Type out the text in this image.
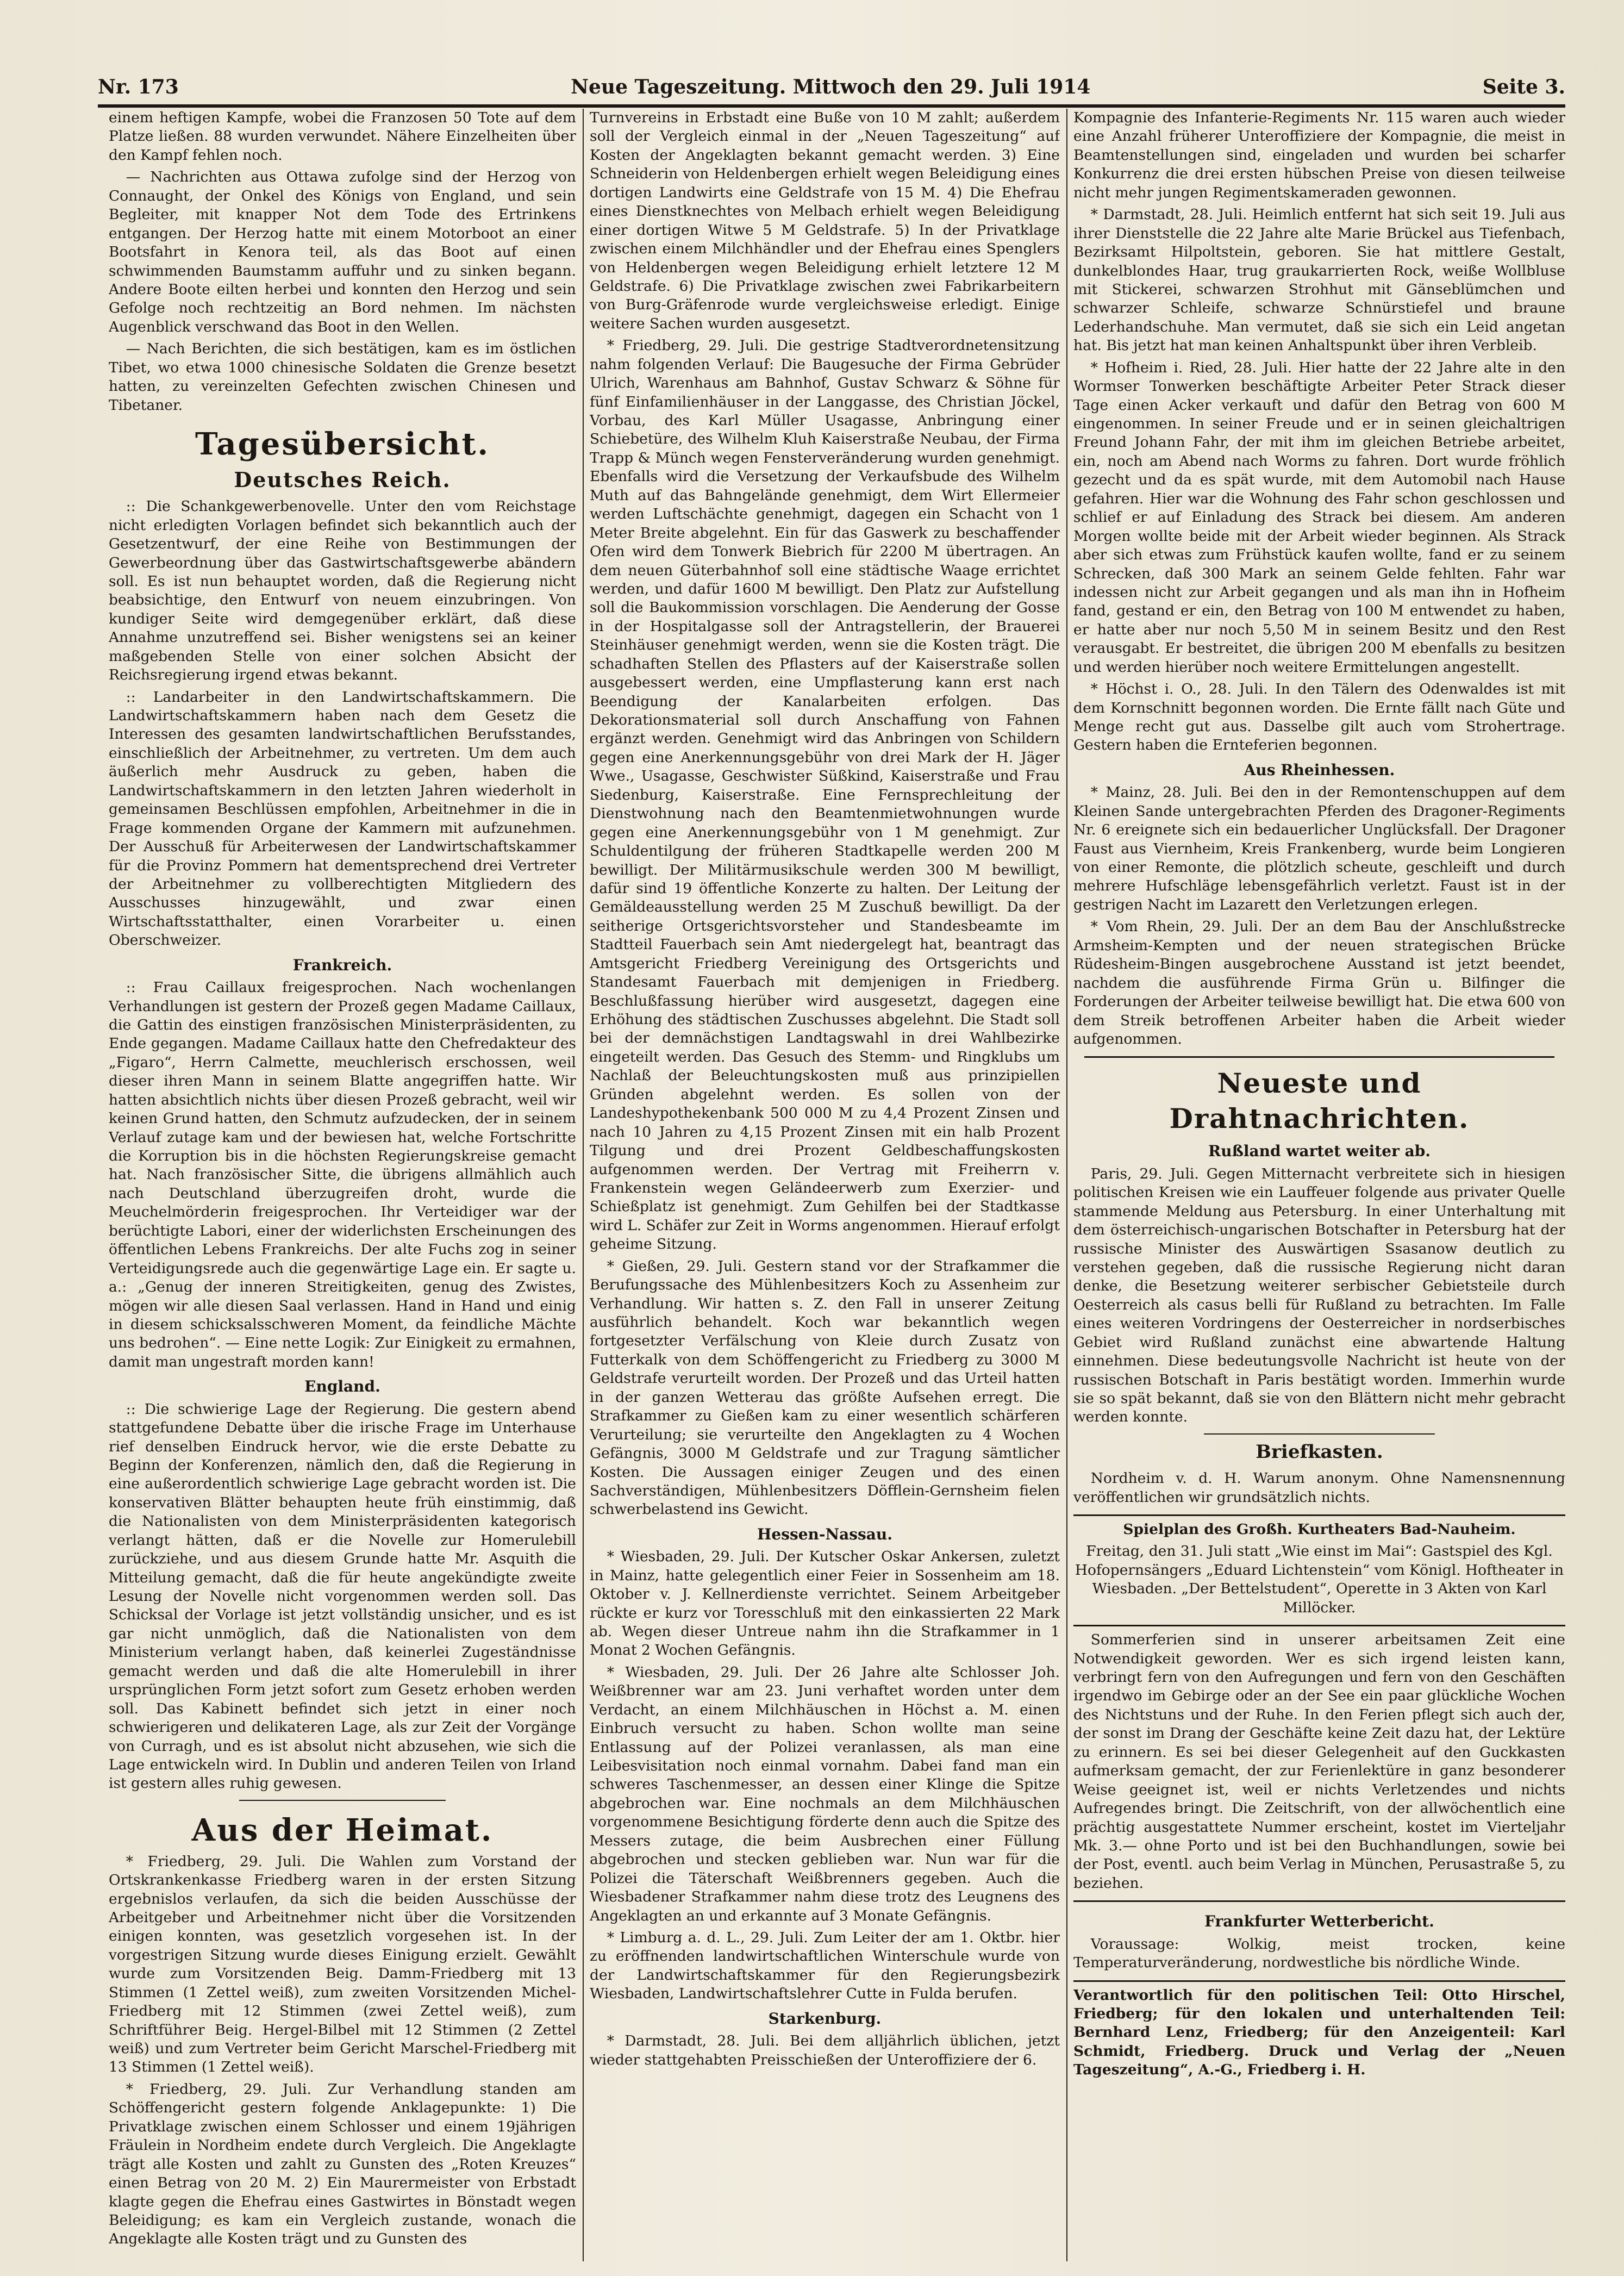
Nr. 173	Neue Tageszeitung. Mittwoch den 29. Juli 1914	Seite 3.

einem heftigen Kampfe, wobei die Franzosen 50 Tote auf dem Platze ließen. 88 wurden verwundet. Nähere Einzelheiten über den Kampf fehlen noch.

— Nachrichten aus Ottawa zufolge sind der Herzog von Connaught, der Onkel des Königs von England, und sein Begleiter, mit knapper Not dem Tode des Ertrinkens entgangen. Der Herzog hatte mit einem Motorboot an einer Bootsfahrt in Kenora teil, als das Boot auf einen schwimmenden Baumstamm auffuhr und zu sinken begann. Andere Boote eilten herbei und konnten den Herzog und sein Gefolge noch rechtzeitig an Bord nehmen. Im nächsten Augenblick verschwand das Boot in den Wellen.

— Nach Berichten, die sich bestätigen, kam es im östlichen Tibet, wo etwa 1000 chinesische Soldaten die Grenze besetzt hatten, zu vereinzelten Gefechten zwischen Chinesen und Tibetaner.

Tagesübersicht.
Deutsches Reich.

:: Die Schankgewerbenovelle. Unter den vom Reichstage nicht erledigten Vorlagen befindet sich bekanntlich auch der Gesetzentwurf, der eine Reihe von Bestimmungen der Gewerbeordnung über das Gastwirtschaftsgewerbe abändern soll. Es ist nun behauptet worden, daß die Regierung nicht beabsichtige, den Entwurf von neuem einzubringen. Von kundiger Seite wird demgegenüber erklärt, daß diese Annahme unzutreffend sei. Bisher wenigstens sei an keiner maßgebenden Stelle von einer solchen Absicht der Reichsregierung irgend etwas bekannt.

:: Landarbeiter in den Landwirtschaftskammern. Die Landwirtschaftskammern haben nach dem Gesetz die Interessen des gesamten landwirtschaftlichen Berufsstandes, einschließlich der Arbeitnehmer, zu vertreten. Um dem auch äußerlich mehr Ausdruck zu geben, haben die Landwirtschaftskammern in den letzten Jahren wiederholt in gemeinsamen Beschlüssen empfohlen, Arbeitnehmer in die in Frage kommenden Organe der Kammern mit aufzunehmen. Der Ausschuß für Arbeiterwesen der Landwirtschaftskammer für die Provinz Pommern hat dementsprechend drei Vertreter der Arbeitnehmer zu vollberechtigten Mitgliedern des Ausschusses hinzugewählt, und zwar einen Wirtschaftsstatthalter, einen Vorarbeiter u. einen Oberschweizer.

Frankreich.

:: Frau Caillaux freigesprochen. Nach wochenlangen Verhandlungen ist gestern der Prozeß gegen Madame Caillaux, die Gattin des einstigen französischen Ministerpräsidenten, zu Ende gegangen. Madame Caillaux hatte den Chefredakteur des „Figaro“, Herrn Calmette, meuchlerisch erschossen, weil dieser ihren Mann in seinem Blatte angegriffen hatte. Wir hatten absichtlich nichts über diesen Prozeß gebracht, weil wir keinen Grund hatten, den Schmutz aufzudecken, der in seinem Verlauf zutage kam und der bewiesen hat, welche Fortschritte die Korruption bis in die höchsten Regierungskreise gemacht hat. Nach französischer Sitte, die übrigens allmählich auch nach Deutschland überzugreifen droht, wurde die Meuchelmörderin freigesprochen. Ihr Verteidiger war der berüchtigte Labori, einer der widerlichsten Erscheinungen des öffentlichen Lebens Frankreichs. Der alte Fuchs zog in seiner Verteidigungsrede auch die gegenwärtige Lage ein. Er sagte u. a.: „Genug der inneren Streitigkeiten, genug des Zwistes, mögen wir alle diesen Saal verlassen. Hand in Hand und einig in diesem schicksalsschweren Moment, da feindliche Mächte uns bedrohen“. — Eine nette Logik: Zur Einigkeit zu ermahnen, damit man ungestraft morden kann!

England.

:: Die schwierige Lage der Regierung. Die gestern abend stattgefundene Debatte über die irische Frage im Unterhause rief denselben Eindruck hervor, wie die erste Debatte zu Beginn der Konferenzen, nämlich den, daß die Regierung in eine außerordentlich schwierige Lage gebracht worden ist. Die konservativen Blätter behaupten heute früh einstimmig, daß die Nationalisten von dem Ministerpräsidenten kategorisch verlangt hätten, daß er die Novelle zur Homerulebill zurückziehe, und aus diesem Grunde hatte Mr. Asquith die Mitteilung gemacht, daß die für heute angekündigte zweite Lesung der Novelle nicht vorgenommen werden soll. Das Schicksal der Vorlage ist jetzt vollständig unsicher, und es ist gar nicht unmöglich, daß die Nationalisten von dem Ministerium verlangt haben, daß keinerlei Zugeständnisse gemacht werden und daß die alte Homerulebill in ihrer ursprünglichen Form jetzt sofort zum Gesetz erhoben werden soll. Das Kabinett befindet sich jetzt in einer noch schwierigeren und delikateren Lage, als zur Zeit der Vorgänge von Curragh, und es ist absolut nicht abzusehen, wie sich die Lage entwickeln wird. In Dublin und anderen Teilen von Irland ist gestern alles ruhig gewesen.

Aus der Heimat.

* Friedberg, 29. Juli. Die Wahlen zum Vorstand der Ortskrankenkasse Friedberg waren in der ersten Sitzung ergebnislos verlaufen, da sich die beiden Ausschüsse der Arbeitgeber und Arbeitnehmer nicht über die Vorsitzenden einigen konnten, was gesetzlich vorgesehen ist. In der vorgestrigen Sitzung wurde dieses Einigung erzielt. Gewählt wurde zum Vorsitzenden Beig. Damm-Friedberg mit 13 Stimmen (1 Zettel weiß), zum zweiten Vorsitzenden Michel-Friedberg mit 12 Stimmen (zwei Zettel weiß), zum Schriftführer Beig. Hergel-Bilbel mit 12 Stimmen (2 Zettel weiß) und zum Vertreter beim Gericht Marschel-Friedberg mit 13 Stimmen (1 Zettel weiß).

* Friedberg, 29. Juli. Zur Verhandlung standen am Schöffengericht gestern folgende Anklagepunkte: 1) Die Privatklage zwischen einem Schlosser und einem 19jährigen Fräulein in Nordheim endete durch Vergleich. Die Angeklagte trägt alle Kosten und zahlt zu Gunsten des „Roten Kreuzes“ einen Betrag von 20 M. 2) Ein Maurermeister von Erbstadt klagte gegen die Ehefrau eines Gastwirtes in Bönstadt wegen Beleidigung; es kam ein Vergleich zustande, wonach die Angeklagte alle Kosten trägt und zu Gunsten des

Turnvereins in Erbstadt eine Buße von 10 M zahlt; außerdem soll der Vergleich einmal in der „Neuen Tageszeitung“ auf Kosten der Angeklagten bekannt gemacht werden. 3) Eine Schneiderin von Heldenbergen erhielt wegen Beleidigung eines dortigen Landwirts eine Geldstrafe von 15 M. 4) Die Ehefrau eines Dienstknechtes von Melbach erhielt wegen Beleidigung einer dortigen Witwe 5 M Geldstrafe. 5) In der Privatklage zwischen einem Milchhändler und der Ehefrau eines Spenglers von Heldenbergen wegen Beleidigung erhielt letztere 12 M Geldstrafe. 6) Die Privatklage zwischen zwei Fabrikarbeitern von Burg-Gräfenrode wurde vergleichsweise erledigt. Einige weitere Sachen wurden ausgesetzt.

* Friedberg, 29. Juli. Die gestrige Stadtverordnetensitzung nahm folgenden Verlauf: Die Baugesuche der Firma Gebrüder Ulrich, Warenhaus am Bahnhof, Gustav Schwarz & Söhne für fünf Einfamilienhäuser in der Langgasse, des Christian Jöckel, Vorbau, des Karl Müller Usagasse, Anbringung einer Schiebetüre, des Wilhelm Kluh Kaiserstraße Neubau, der Firma Trapp & Münch wegen Fensterveränderung wurden genehmigt. Ebenfalls wird die Versetzung der Verkaufsbude des Wilhelm Muth auf das Bahngelände genehmigt, dem Wirt Ellermeier werden Luftschächte genehmigt, dagegen ein Schacht von 1 Meter Breite abgelehnt. Ein für das Gaswerk zu beschaffender Ofen wird dem Tonwerk Biebrich für 2200 M übertragen. An dem neuen Güterbahnhof soll eine städtische Waage errichtet werden, und dafür 1600 M bewilligt. Den Platz zur Aufstellung soll die Baukommission vorschlagen. Die Aenderung der Gosse in der Hospitalgasse soll der Antragstellerin, der Brauerei Steinhäuser genehmigt werden, wenn sie die Kosten trägt. Die schadhaften Stellen des Pflasters auf der Kaiserstraße sollen ausgebessert werden, eine Umpflasterung kann erst nach Beendigung der Kanalarbeiten erfolgen. Das Dekorationsmaterial soll durch Anschaffung von Fahnen ergänzt werden. Genehmigt wird das Anbringen von Schildern gegen eine Anerkennungsgebühr von drei Mark der H. Jäger Wwe., Usagasse, Geschwister Süßkind, Kaiserstraße und Frau Siedenburg, Kaiserstraße. Eine Fernsprechleitung der Dienstwohnung nach den Beamtenmietwohnungen wurde gegen eine Anerkennungsgebühr von 1 M genehmigt. Zur Schuldentilgung der früheren Stadtkapelle werden 200 M bewilligt. Der Militärmusikschule werden 300 M bewilligt, dafür sind 19 öffentliche Konzerte zu halten. Der Leitung der Gemäldeausstellung werden 25 M Zuschuß bewilligt. Da der seitherige Ortsgerichtsvorsteher und Standesbeamte im Stadtteil Fauerbach sein Amt niedergelegt hat, beantragt das Amtsgericht Friedberg Vereinigung des Ortsgerichts und Standesamt Fauerbach mit demjenigen in Friedberg. Beschlußfassung hierüber wird ausgesetzt, dagegen eine Erhöhung des städtischen Zuschusses abgelehnt. Die Stadt soll bei der demnächstigen Landtagswahl in drei Wahlbezirke eingeteilt werden. Das Gesuch des Stemm- und Ringklubs um Nachlaß der Beleuchtungskosten muß aus prinzipiellen Gründen abgelehnt werden. Es sollen von der Landeshypothekenbank 500 000 M zu 4,4 Prozent Zinsen und nach 10 Jahren zu 4,15 Prozent Zinsen mit ein halb Prozent Tilgung und drei Prozent Geldbeschaffungskosten aufgenommen werden. Der Vertrag mit Freiherrn v. Frankenstein wegen Geländeerwerb zum Exerzier- und Schießplatz ist genehmigt. Zum Gehilfen bei der Stadtkasse wird L. Schäfer zur Zeit in Worms angenommen. Hierauf erfolgt geheime Sitzung.

* Gießen, 29. Juli. Gestern stand vor der Strafkammer die Berufungssache des Mühlenbesitzers Koch zu Assenheim zur Verhandlung. Wir hatten s. Z. den Fall in unserer Zeitung ausführlich behandelt. Koch war bekanntlich wegen fortgesetzter Verfälschung von Kleie durch Zusatz von Futterkalk von dem Schöffengericht zu Friedberg zu 3000 M Geldstrafe verurteilt worden. Der Prozeß und das Urteil hatten in der ganzen Wetterau das größte Aufsehen erregt. Die Strafkammer zu Gießen kam zu einer wesentlich schärferen Verurteilung; sie verurteilte den Angeklagten zu 4 Wochen Gefängnis, 3000 M Geldstrafe und zur Tragung sämtlicher Kosten. Die Aussagen einiger Zeugen und des einen Sachverständigen, Mühlenbesitzers Döfflein-Gernsheim fielen schwerbelastend ins Gewicht.

Hessen-Nassau.

* Wiesbaden, 29. Juli. Der Kutscher Oskar Ankersen, zuletzt in Mainz, hatte gelegentlich einer Feier in Sossenheim am 18. Oktober v. J. Kellnerdienste verrichtet. Seinem Arbeitgeber rückte er kurz vor Toresschluß mit den einkassierten 22 Mark ab. Wegen dieser Untreue nahm ihn die Strafkammer in 1 Monat 2 Wochen Gefängnis.

* Wiesbaden, 29. Juli. Der 26 Jahre alte Schlosser Joh. Weißbrenner war am 23. Juni verhaftet worden unter dem Verdacht, an einem Milchhäuschen in Höchst a. M. einen Einbruch versucht zu haben. Schon wollte man seine Entlassung auf der Polizei veranlassen, als man eine Leibesvisitation noch einmal vornahm. Dabei fand man ein schweres Taschenmesser, an dessen einer Klinge die Spitze abgebrochen war. Eine nochmals an dem Milchhäuschen vorgenommene Besichtigung förderte denn auch die Spitze des Messers zutage, die beim Ausbrechen einer Füllung abgebrochen und stecken geblieben war. Nun war für die Polizei die Täterschaft Weißbrenners gegeben. Auch die Wiesbadener Strafkammer nahm diese trotz des Leugnens des Angeklagten an und erkannte auf 3 Monate Gefängnis.

* Limburg a. d. L., 29. Juli. Zum Leiter der am 1. Oktbr. hier zu eröffnenden landwirtschaftlichen Winterschule wurde von der Landwirtschaftskammer für den Regierungsbezirk Wiesbaden, Landwirtschaftslehrer Cutte in Fulda berufen.

Starkenburg.

* Darmstadt, 28. Juli. Bei dem alljährlich üblichen, jetzt wieder stattgehabten Preisschießen der Unteroffiziere der 6.

Kompagnie des Infanterie-Regiments Nr. 115 waren auch wieder eine Anzahl früherer Unteroffiziere der Kompagnie, die meist in Beamtenstellungen sind, eingeladen und wurden bei scharfer Konkurrenz die drei ersten hübschen Preise von diesen teilweise nicht mehr jungen Regimentskameraden gewonnen.

* Darmstadt, 28. Juli. Heimlich entfernt hat sich seit 19. Juli aus ihrer Dienststelle die 22 Jahre alte Marie Brückel aus Tiefenbach, Bezirksamt Hilpoltstein, geboren. Sie hat mittlere Gestalt, dunkelblondes Haar, trug graukarrierten Rock, weiße Wollbluse mit Stickerei, schwarzen Strohhut mit Gänseblümchen und schwarzer Schleife, schwarze Schnürstiefel und braune Lederhandschuhe. Man vermutet, daß sie sich ein Leid angetan hat. Bis jetzt hat man keinen Anhaltspunkt über ihren Verbleib.

* Hofheim i. Ried, 28. Juli. Hier hatte der 22 Jahre alte in den Wormser Tonwerken beschäftigte Arbeiter Peter Strack dieser Tage einen Acker verkauft und dafür den Betrag von 600 M eingenommen. In seiner Freude und er in seinen gleichaltrigen Freund Johann Fahr, der mit ihm im gleichen Betriebe arbeitet, ein, noch am Abend nach Worms zu fahren. Dort wurde fröhlich gezecht und da es spät wurde, mit dem Automobil nach Hause gefahren. Hier war die Wohnung des Fahr schon geschlossen und schlief er auf Einladung des Strack bei diesem. Am anderen Morgen wollte beide mit der Arbeit wieder beginnen. Als Strack aber sich etwas zum Frühstück kaufen wollte, fand er zu seinem Schrecken, daß 300 Mark an seinem Gelde fehlten. Fahr war indessen nicht zur Arbeit gegangen und als man ihn in Hofheim fand, gestand er ein, den Betrag von 100 M entwendet zu haben, er hatte aber nur noch 5,50 M in seinem Besitz und den Rest verausgabt. Er bestreitet, die übrigen 200 M ebenfalls zu besitzen und werden hierüber noch weitere Ermittelungen angestellt.

* Höchst i. O., 28. Juli. In den Tälern des Odenwaldes ist mit dem Kornschnitt begonnen worden. Die Ernte fällt nach Güte und Menge recht gut aus. Dasselbe gilt auch vom Strohertrage. Gestern haben die Ernteferien begonnen.

Aus Rheinhessen.

* Mainz, 28. Juli. Bei den in der Remontenschuppen auf dem Kleinen Sande untergebrachten Pferden des Dragoner-Regiments Nr. 6 ereignete sich ein bedauerlicher Unglücksfall. Der Dragoner Faust aus Viernheim, Kreis Frankenberg, wurde beim Longieren von einer Remonte, die plötzlich scheute, geschleift und durch mehrere Hufschläge lebensgefährlich verletzt. Faust ist in der gestrigen Nacht im Lazarett den Verletzungen erlegen.

* Vom Rhein, 29. Juli. Der an dem Bau der Anschlußstrecke Armsheim-Kempten und der neuen strategischen Brücke Rüdesheim-Bingen ausgebrochene Ausstand ist jetzt beendet, nachdem die ausführende Firma Grün u. Bilfinger die Forderungen der Arbeiter teilweise bewilligt hat. Die etwa 600 von dem Streik betroffenen Arbeiter haben die Arbeit wieder aufgenommen.

Neueste und Drahtnachrichten.
Rußland wartet weiter ab.

Paris, 29. Juli. Gegen Mitternacht verbreitete sich in hiesigen politischen Kreisen wie ein Lauffeuer folgende aus privater Quelle stammende Meldung aus Petersburg. In einer Unterhaltung mit dem österreichisch-ungarischen Botschafter in Petersburg hat der russische Minister des Auswärtigen Ssasanow deutlich zu verstehen gegeben, daß die russische Regierung nicht daran denke, die Besetzung weiterer serbischer Gebietsteile durch Oesterreich als casus belli für Rußland zu betrachten. Im Falle eines weiteren Vordringens der Oesterreicher in nordserbisches Gebiet wird Rußland zunächst eine abwartende Haltung einnehmen. Diese bedeutungsvolle Nachricht ist heute von der russischen Botschaft in Paris bestätigt worden. Immerhin wurde sie so spät bekannt, daß sie von den Blättern nicht mehr gebracht werden konnte.

Briefkasten.

Nordheim v. d. H. Warum anonym. Ohne Namensnennung veröffentlichen wir grundsätzlich nichts.

Spielplan des Großh. Kurtheaters Bad-Nauheim.

Freitag, den 31. Juli statt „Wie einst im Mai“: Gastspiel des Kgl. Hofopernsängers „Eduard Lichtenstein“ vom Königl. Hoftheater in Wiesbaden. „Der Bettelstudent“, Operette in 3 Akten von Karl Millöcker.

Sommerferien sind in unserer arbeitsamen Zeit eine Notwendigkeit geworden. Wer es sich irgend leisten kann, verbringt fern von den Aufregungen und fern von den Geschäften irgendwo im Gebirge oder an der See ein paar glückliche Wochen des Nichtstuns und der Ruhe. In den Ferien pflegt sich auch der, der sonst im Drang der Geschäfte keine Zeit dazu hat, der Lektüre zu erinnern. Es sei bei dieser Gelegenheit auf den Guckkasten aufmerksam gemacht, der zur Ferienlektüre in ganz besonderer Weise geeignet ist, weil er nichts Verletzendes und nichts Aufregendes bringt. Die Zeitschrift, von der allwöchentlich eine prächtig ausgestattete Nummer erscheint, kostet im Vierteljahr Mk. 3.— ohne Porto und ist bei den Buchhandlungen, sowie bei der Post, eventl. auch beim Verlag in München, Perusastraße 5, zu beziehen.

Frankfurter Wetterbericht.

Voraussage: Wolkig, meist trocken, keine Temperaturveränderung, nordwestliche bis nördliche Winde.

Verantwortlich für den politischen Teil: Otto Hirschel, Friedberg; für den lokalen und unterhaltenden Teil: Bernhard Lenz, Friedberg; für den Anzeigenteil: Karl Schmidt, Friedberg. Druck und Verlag der „Neuen Tageszeitung“, A.-G., Friedberg i. H.
